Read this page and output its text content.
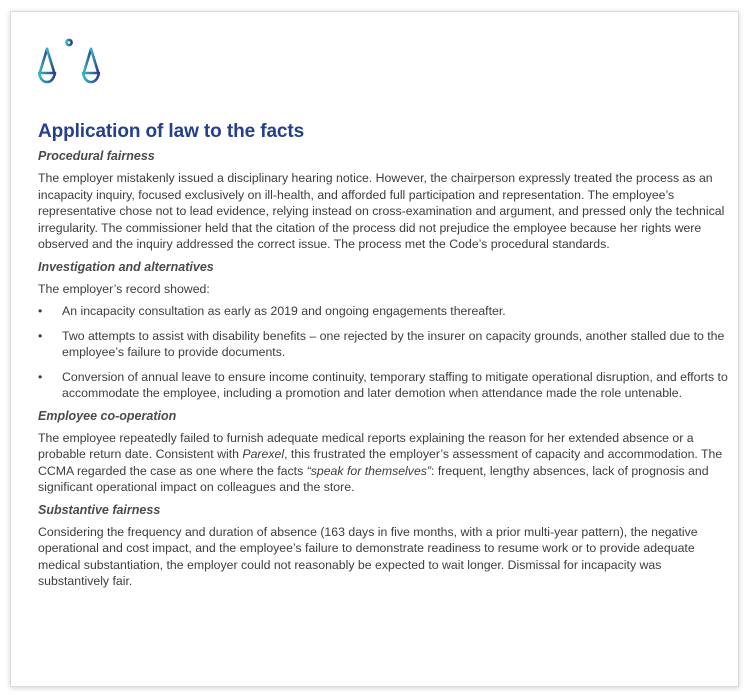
Application of law to the facts
Procedural fairness

The employer mistakenly issued a disciplinary hearing notice. However, the chairperson expressly treated the process as an incapacity inquiry, focused exclusively on ill-health, and afforded full participation and representation. The employee’s representative chose not to lead evidence, relying instead on cross-examination and argument, and pressed only the technical irregularity. The commissioner held that the citation of the process did not prejudice the employee because her rights were observed and the inquiry addressed the correct issue. The process met the Code’s procedural standards.

Investigation and alternatives

The employer’s record showed:

•	An incapacity consultation as early as 2019 and ongoing engagements thereafter.
•	Two attempts to assist with disability benefits – one rejected by the insurer on capacity grounds, another stalled due to the employee’s failure to provide documents.
•	Conversion of annual leave to ensure income continuity, temporary staffing to mitigate operational disruption, and efforts to accommodate the employee, including a promotion and later demotion when attendance made the role untenable.
Employee co-operation

The employee repeatedly failed to furnish adequate medical reports explaining the reason for her extended absence or a probable return date. Consistent with Parexel, this frustrated the employer’s assessment of capacity and accommodation. The CCMA regarded the case as one where the facts “speak for themselves”: frequent, lengthy absences, lack of prognosis and significant operational impact on colleagues and the store.

Substantive fairness

Considering the frequency and duration of absence (163 days in five months, with a prior multi-year pattern), the negative operational and cost impact, and the employee’s failure to demonstrate readiness to resume work or to provide adequate medical substantiation, the employer could not reasonably be expected to wait longer. Dismissal for incapacity was substantively fair.
